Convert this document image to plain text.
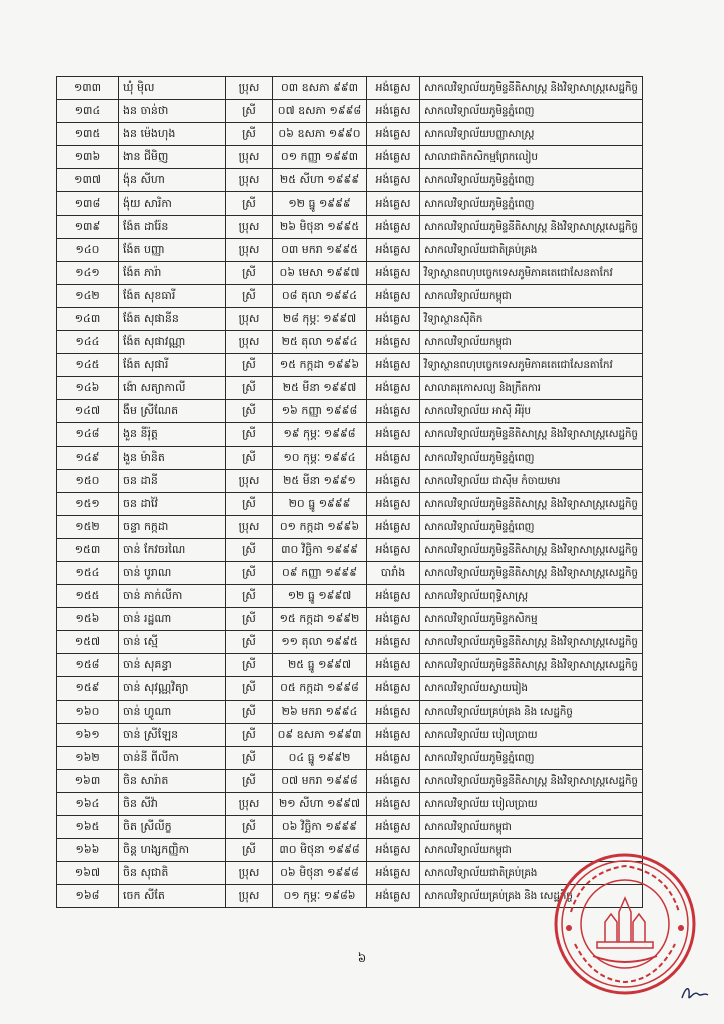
១៣៣	ឃុំ ម៉ិល	ប្រុស	០៣ ឧសភា ៩៩៣	អង់គ្លេស	សាកលវិទ្យាល័យភូមិន្ទនីតិសាស្ត្រ និងវិទ្យាសាស្ត្រសេដ្ឋកិច្ច
១៣៤	ងន ចាន់ថា	ស្រី	០៧ ឧសភា ១៩៩៨	អង់គ្លេស	សាកលវិទ្យាល័យភូមិន្ទភ្នំពេញ
១៣៥	ងន ម៉េងហុង	ស្រី	០៦ ឧសភា ១៩៩០	អង់គ្លេស	សាកលវិទ្យាល័យបញ្ញាសាស្ត្រ
១៣៦	ងាន ជីមិញ	ប្រុស	០១ កញ្ញា ១៩៩៣	អង់គ្លេស	សាលាជាតិកសិកម្មព្រែកលៀប
១៣៧	ង៉ុន សីហា	ប្រុស	២៥ សីហា ១៩៩៩	អង់គ្លេស	សាកលវិទ្យាល័យភូមិន្ទភ្នំពេញ
១៣៨	ង៉ុយ សារិកា	ស្រី	១២ ធ្នូ ១៩៩៩	អង់គ្លេស	សាកលវិទ្យាល័យភូមិន្ទភ្នំពេញ
១៣៩	ង៉ែត ដារ៉ែន	ប្រុស	២៦ មិថុនា ១៩៩៥	អង់គ្លេស	សាកលវិទ្យាល័យភូមិន្ទនីតិសាស្ត្រ និងវិទ្យាសាស្ត្រសេដ្ឋកិច្ច
១៤០	ង៉ែត បញ្ញា	ប្រុស	០៣ មករា ១៩៩៥	អង់គ្លេស	សាកលវិទ្យាល័យជាតិគ្រប់គ្រង
១៤១	ង៉ែត ភារ៉ា	ស្រី	០៦ មេសា ១៩៩៧	អង់គ្លេស	វិទ្យាស្ថានពហុបច្ចេកទេសភូមិភាគតេជោសែនតាកែវ
១៤២	ង៉ែត សុខធារី	ស្រី	០៨ តុលា ១៩៩៤	អង់គ្លេស	សាកលវិទ្យាល័យកម្ពុជា
១៤៣	ង៉ែត សុផានីន	ប្រុស	២៨ កុម្ភៈ ១៩៩៧	អង់គ្លេស	វិទ្យាស្ថានស៊ីតិក
១៤៤	ង៉ែត សុផាវណ្ណា	ប្រុស	២៥ តុលា ១៩៩៤	អង់គ្លេស	សាកលវិទ្យាល័យកម្ពុជា
១៤៥	ង៉ែត សុផារី	ស្រី	១៥ កក្កដា ១៩៩៦	អង់គ្លេស	វិទ្យាស្ថានពហុបច្ចេកទេសភូមិភាគតេជោសែនតាកែវ
១៤៦	ង៉ោ សត្យាកាលី	ស្រី	២៥ មីនា ១៩៩៧	អង់គ្លេស	សាលាគរុកោសល្យ និងក្រឹតការ
១៤៧	ងឹម ស្រីណែត	ស្រី	១៦ កញ្ញា ១៩៩៨	អង់គ្លេស	សាកលវិទ្យាល័យ អាស៊ី អឺរ៉ុប
១៤៨	ងួន នីរ៉ុត្ត	ស្រី	១៩ កុម្ភៈ ១៩៩៨	អង់គ្លេស	សាកលវិទ្យាល័យភូមិន្ទនីតិសាស្ត្រ និងវិទ្យាសាស្ត្រសេដ្ឋកិច្ច
១៤៩	ងួន ម៉ានិត	ស្រី	១០ កុម្ភៈ ១៩៩៤	អង់គ្លេស	សាកលវិទ្យាល័យភូមិន្ទភ្នំពេញ
១៥០	ចន ដានី	ប្រុស	២៥ មីនា ១៩៩១	អង់គ្លេស	សាកលវិទ្យាល័យ ជាស៊ីម កំចាយមារ
១៥១	ចន ដាវ៉ៃ	ស្រី	២០ ធ្នូ ១៩៩៩	អង់គ្លេស	សាកលវិទ្យាល័យភូមិន្ទនីតិសាស្ត្រ និងវិទ្យាសាស្ត្រសេដ្ឋកិច្ច
១៥២	ចន្ទា កក្កដា	ប្រុស	០១ កក្កដា ១៩៩៦	អង់គ្លេស	សាកលវិទ្យាល័យភូមិន្ទភ្នំពេញ
១៥៣	ចាន់ កែវចរណៃ	ស្រី	៣០ វិច្ឆិកា ១៩៩៩	អង់គ្លេស	សាកលវិទ្យាល័យភូមិន្ទនីតិសាស្ត្រ និងវិទ្យាសាស្ត្រសេដ្ឋកិច្ច
១៥៤	ចាន់ បូរាណ	ស្រី	០៩ កញ្ញា ១៩៩៩	បារាំង	សាកលវិទ្យាល័យភូមិន្ទនីតិសាស្ត្រ និងវិទ្យាសាស្ត្រសេដ្ឋកិច្ច
១៥៥	ចាន់ ភាក់លីកា	ស្រី	១២ ធ្នូ ១៩៩៧	អង់គ្លេស	សាកលវិទ្យាល័យពុទ្ធិសាស្ត្រ
១៥៦	ចាន់ រដ្ឋណា	ស្រី	១៥ កក្កដា ១៩៩២	អង់គ្លេស	សាកលវិទ្យាល័យភូមិន្ទកសិកម្ម
១៥៧	ចាន់ ស្មើ	ស្រី	១១ តុលា ១៩៩៥	អង់គ្លេស	សាកលវិទ្យាល័យភូមិន្ទនីតិសាស្ត្រ និងវិទ្យាសាស្ត្រសេដ្ឋកិច្ច
១៥៨	ចាន់ សុគន្ធា	ស្រី	២៥ ធ្នូ ១៩៩៧	អង់គ្លេស	សាកលវិទ្យាល័យភូមិន្ទនីតិសាស្ត្រ និងវិទ្យាសាស្ត្រសេដ្ឋកិច្ច
១៥៩	ចាន់ សុវណ្ណវិត្យា	ស្រី	០៥ កក្កដា ១៩៩៨	អង់គ្លេស	សាកលវិទ្យាល័យស្វាយរៀង
១៦០	ចាន់ ហ្វូណា	ស្រី	២៦ មករា ១៩៩៤	អង់គ្លេស	សាកលវិទ្យាល័យគ្រប់គ្រង និង សេដ្ឋកិច្ច
១៦១	ចាន់ ស្រីឡែន	ស្រី	០៩ ឧសភា ១៩៩៣	អង់គ្លេស	សាកលវិទ្យាល័យ បៀលប្រាយ
១៦២	ចាន់នី ពីលីកា	ស្រី	០៤ ធ្នូ ១៩៩២	អង់គ្លេស	សាកលវិទ្យាល័យភូមិន្ទភ្នំពេញ
១៦៣	ចិន សារ៉ាត	ស្រី	០៧ មករា ១៩៩៨	អង់គ្លេស	សាកលវិទ្យាល័យភូមិន្ទនីតិសាស្ត្រ និងវិទ្យាសាស្ត្រសេដ្ឋកិច្ច
១៦៤	ចិន សីវ៉ា	ប្រុស	២១ សីហា ១៩៩៧	អង់គ្លេស	សាកលវិទ្យាល័យ បៀលប្រាយ
១៦៥	ចិត ស្រីលីក្ខ	ស្រី	០៦ វិច្ឆិកា ១៩៩៩	អង់គ្លេស	សាកលវិទ្យាល័យកម្ពុជា
១៦៦	ចិន្ត ហង្សកញ្ញិកា	ស្រី	៣០ មិថុនា ១៩៩៨	អង់គ្លេស	សាកលវិទ្យាល័យកម្ពុជា
១៦៧	ចិន សុជាតិ	ប្រុស	០៦ មិថុនា ១៩៩៨	អង់គ្លេស	សាកលវិទ្យាល័យជាតិគ្រប់គ្រង
១៦៨	ចេក សីតែ	ប្រុស	០១ កុម្ភៈ ១៩៨៦	អង់គ្លេស	សាកលវិទ្យាល័យគ្រប់គ្រង និង សេដ្ឋកិច្ច
៦
